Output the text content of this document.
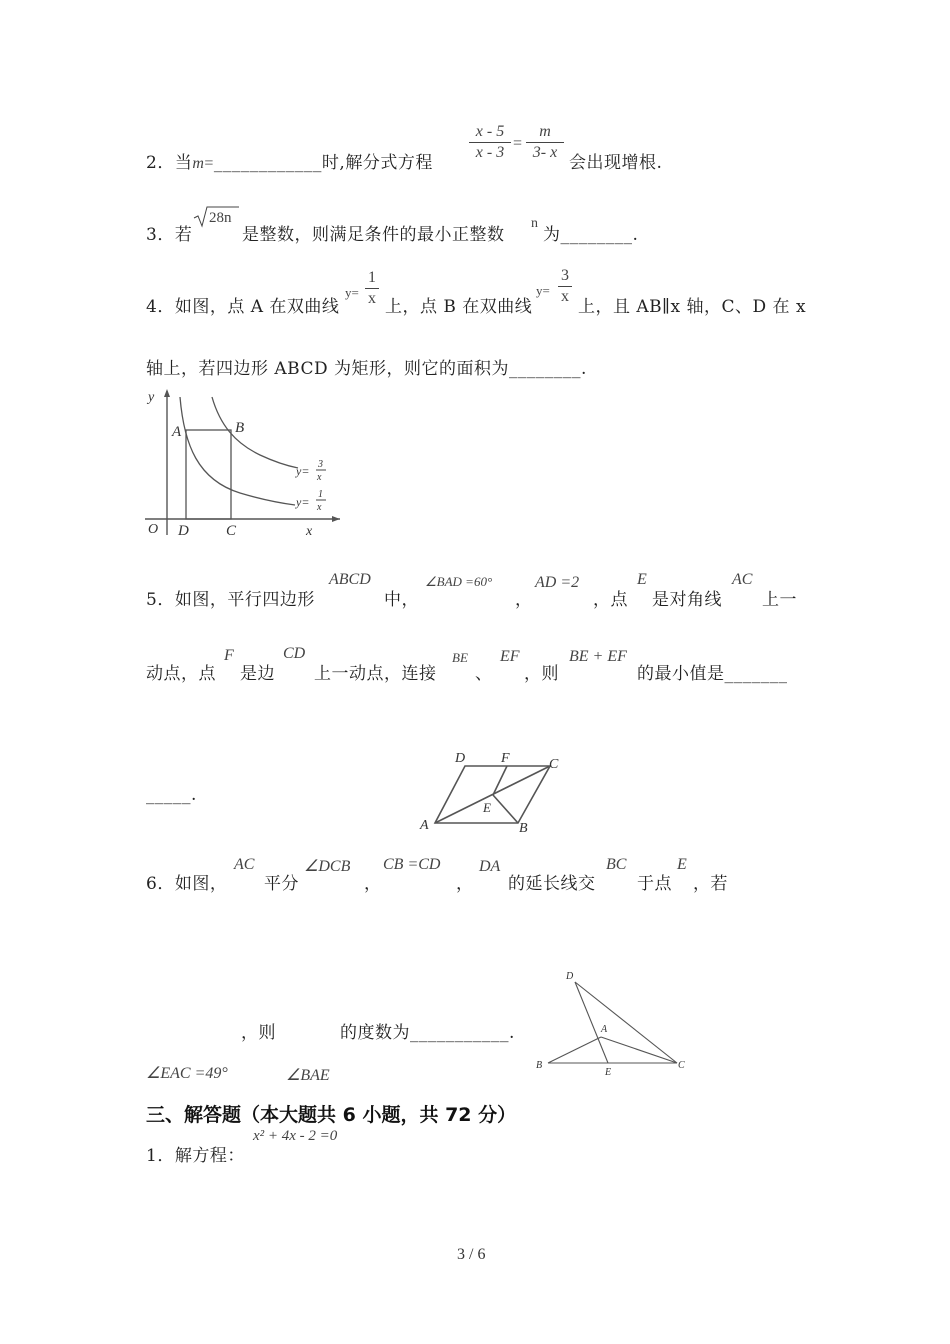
2．当m=____________时,解分式方程
x - 5
x - 3
=
m
3- x
会出现增根.
3．若
28n
是整数，则满足条件的最小正整数
n
为________.
4．如图，点 A 在双曲线
y=
1
x 上，点 B 在双曲线
y=
3
x
上，且 AB∥x 轴，C、D 在 x
轴上，若四边形 ABCD 为矩形，则它的面积为________.
y
x
O
A	B
D C
y= 3
x
y=
1
x
5．如图，平行四边形
ABCD
中，
∠BAD =60°
，
AD =2
，点
E
是对角线
AC
上一
动点，点
F
是边
CD
上一动点，连接
BE
、
EF
，则
BE + EF
的最小值是_______
_____.
A	B
C
D
E
F
6．如图，
AC
平分
∠DCB
，
CB =CD
，
DA
的延长线交
BC
于点
E
，若
，则	的度数为___________.
∠EAC =49°	∠BAE
D
A
B
E
C
三、解答题（本大题共 6 小题，共 72 分）
1．解方程：
x² + 4x - 2 =0
3 / 6
